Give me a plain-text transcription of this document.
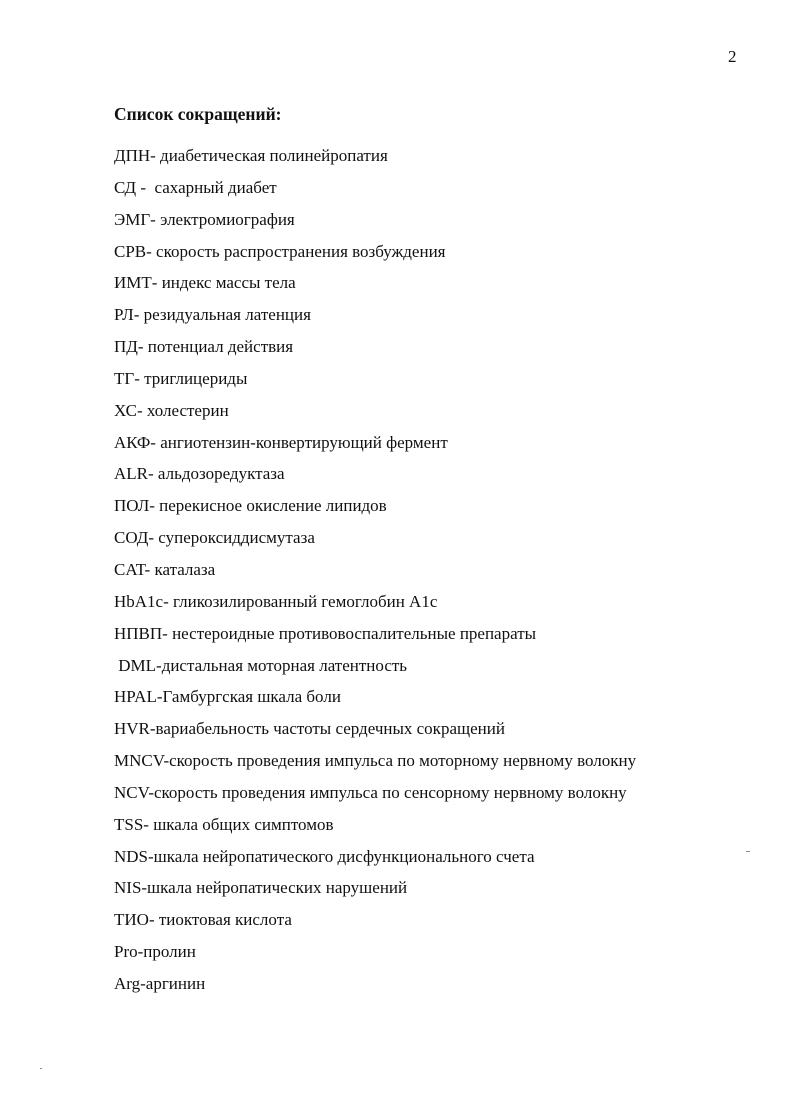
2
Список сокращений:
ДПН- диабетическая полинейропатия
СД -  сахарный диабет
ЭМГ- электромиография
СРВ- скорость распространения возбуждения
ИМТ- индекс массы тела
РЛ- резидуальная латенция
ПД- потенциал действия
ТГ- триглицериды
ХС- холестерин
АКФ- ангиотензин-конвертирующий фермент
ALR- альдозоредуктаза
ПОЛ- перекисное окисление липидов
СОД- супероксиддисмутаза
CAT- каталаза
HbA1c- гликозилированный гемоглобин A1c
НПВП- нестероидные противовоспалительные препараты
DML-дистальная моторная латентность
HPAL-Гамбургская шкала боли
HVR-вариабельность частоты сердечных сокращений
MNCV-скорость проведения импульса по моторному нервному волокну
NCV-скорость проведения импульса по сенсорному нервному волокну
TSS- шкала общих симптомов
NDS-шкала нейропатического дисфункционального счета
NIS-шкала нейропатических нарушений
ТИО- тиоктовая кислота
Pro-пролин
Arg-аргинин
